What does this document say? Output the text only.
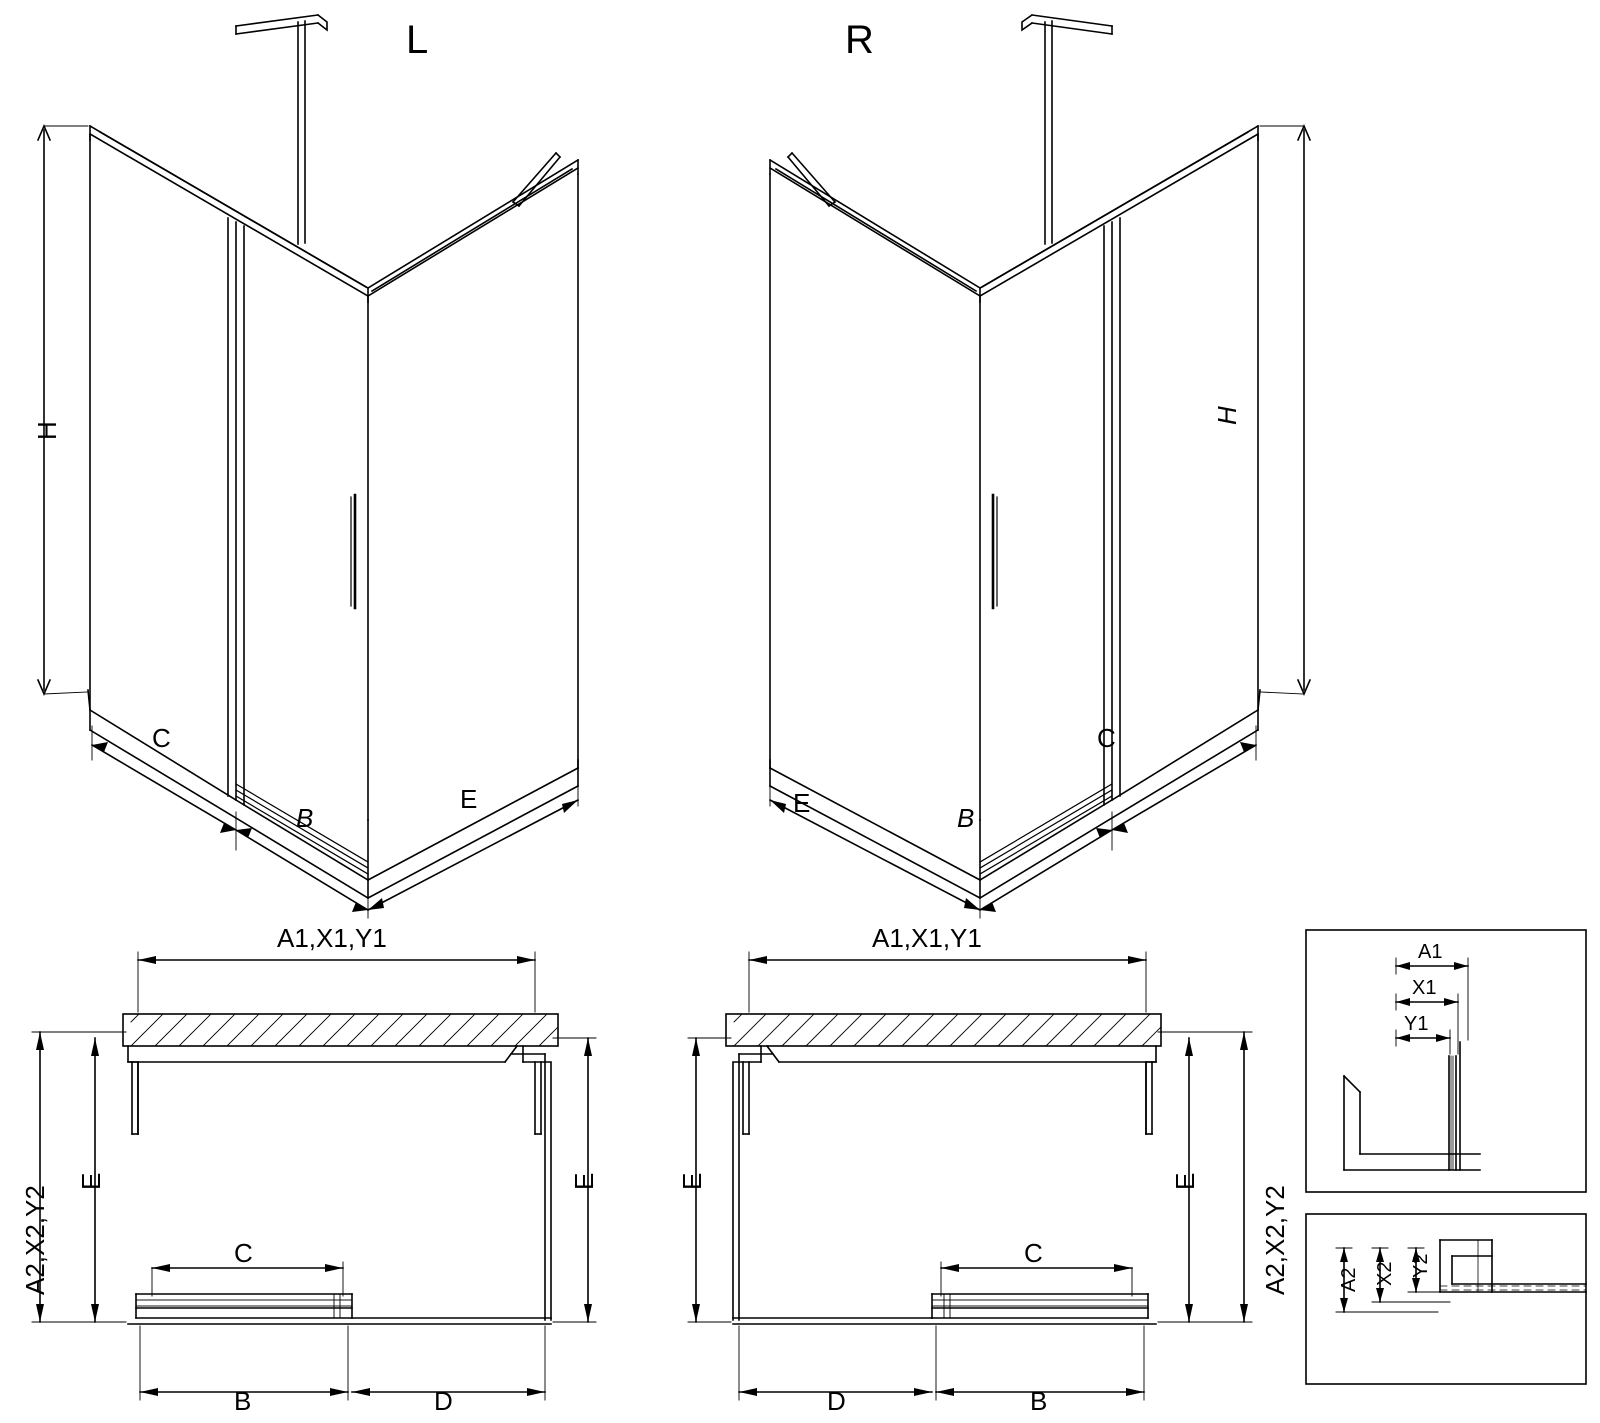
L	R
H
H
C
B
E
C
B
E
A1,X1,Y1
A2,X2,Y2
E	E
C
B	D
A1,X1,Y1
A2,X2,Y2
E	E
C
B
D
A1
X1
Y1
A2 X2 Y2
